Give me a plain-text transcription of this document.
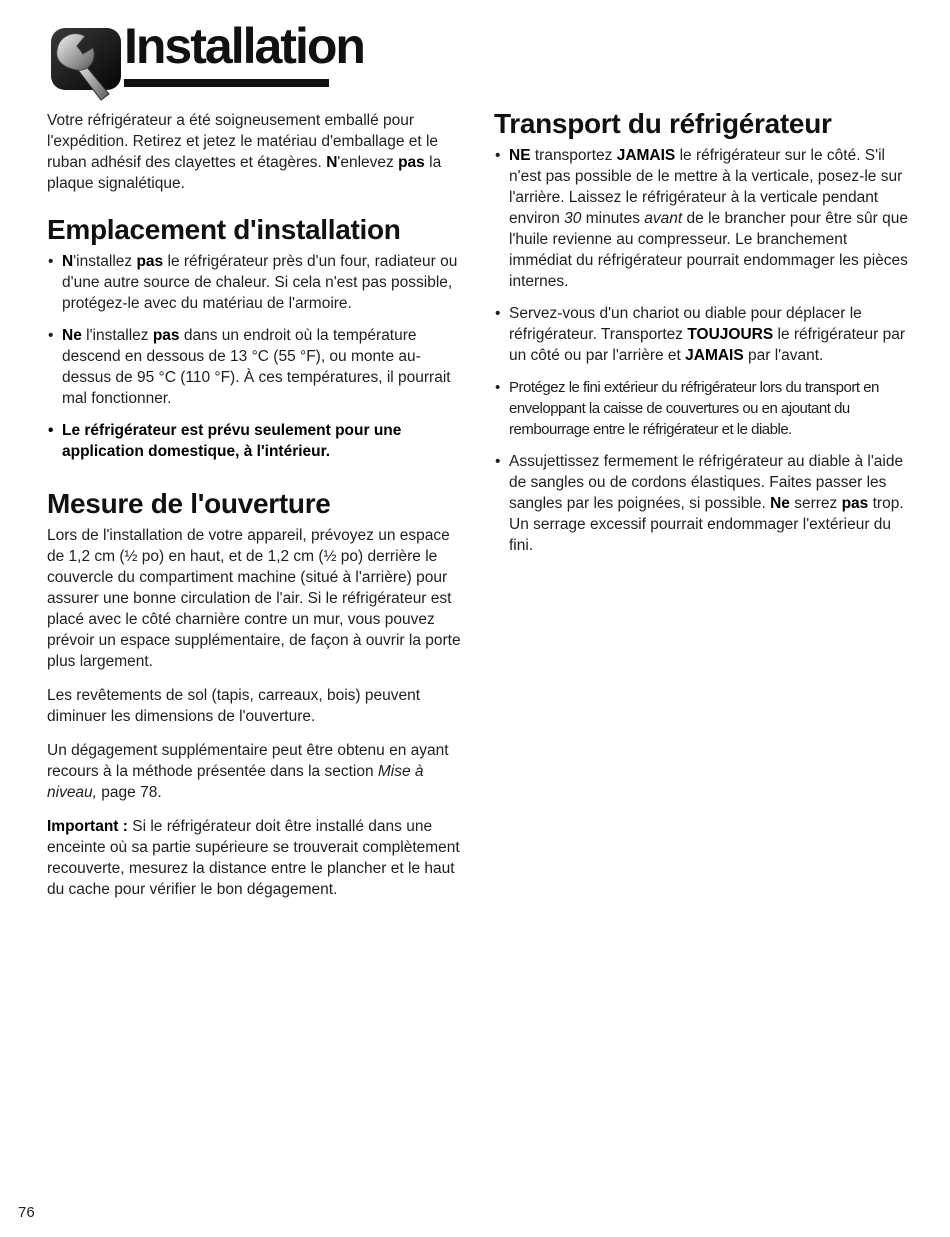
Installation

Votre réfrigérateur a été soigneusement emballé pour l'expédition. Retirez et jetez le matériau d'emballage et le ruban adhésif des clayettes et étagères. N'enlevez pas la plaque signalétique.

Emplacement d'installation
• N'installez pas le réfrigérateur près d'un four, radiateur ou d'une autre source de chaleur. Si cela n'est pas possible, protégez-le avec du matériau de l'armoire.
• Ne l'installez pas dans un endroit où la température descend en dessous de 13 °C (55 °F), ou monte au-dessus de 95 °C (110 °F). À ces températures, il pourrait mal fonctionner.
• Le réfrigérateur est prévu seulement pour une application domestique, à l'intérieur.
Mesure de l'ouverture

Lors de l'installation de votre appareil, prévoyez un espace de 1,2 cm (½ po) en haut, et de 1,2 cm (½ po) derrière le couvercle du compartiment machine (situé à l'arrière) pour assurer une bonne circulation de l'air. Si le réfrigérateur est placé avec le côté charnière contre un mur, vous pouvez prévoir un espace supplémentaire, de façon à ouvrir la porte plus largement.

Les revêtements de sol (tapis, carreaux, bois) peuvent diminuer les dimensions de l'ouverture.

Un dégagement supplémentaire peut être obtenu en ayant recours à la méthode présentée dans la section Mise à niveau, page 78.

Important : Si le réfrigérateur doit être installé dans une enceinte où sa partie supérieure se trouverait complètement recouverte, mesurez la distance entre le plancher et le haut du cache pour vérifier le bon dégagement.

Transport du réfrigérateur
• NE transportez JAMAIS le réfrigérateur sur le côté. S'il n'est pas possible de le mettre à la verticale, posez-le sur l'arrière. Laissez le réfrigérateur à la verticale pendant environ 30 minutes avant de le brancher pour être sûr que l'huile revienne au compresseur. Le branchement immédiat du réfrigérateur pourrait endommager les pièces internes.
• Servez-vous d'un chariot ou diable pour déplacer le réfrigérateur. Transportez TOUJOURS le réfrigérateur par un côté ou par l'arrière et JAMAIS par l'avant.
• Protégez le fini extérieur du réfrigérateur lors du transport en enveloppant la caisse de couvertures ou en ajoutant du rembourrage entre le réfrigérateur et le diable.
• Assujettissez fermement le réfrigérateur au diable à l'aide de sangles ou de cordons élastiques. Faites passer les sangles par les poignées, si possible. Ne serrez pas trop. Un serrage excessif pourrait endommager l'extérieur du fini.
76
